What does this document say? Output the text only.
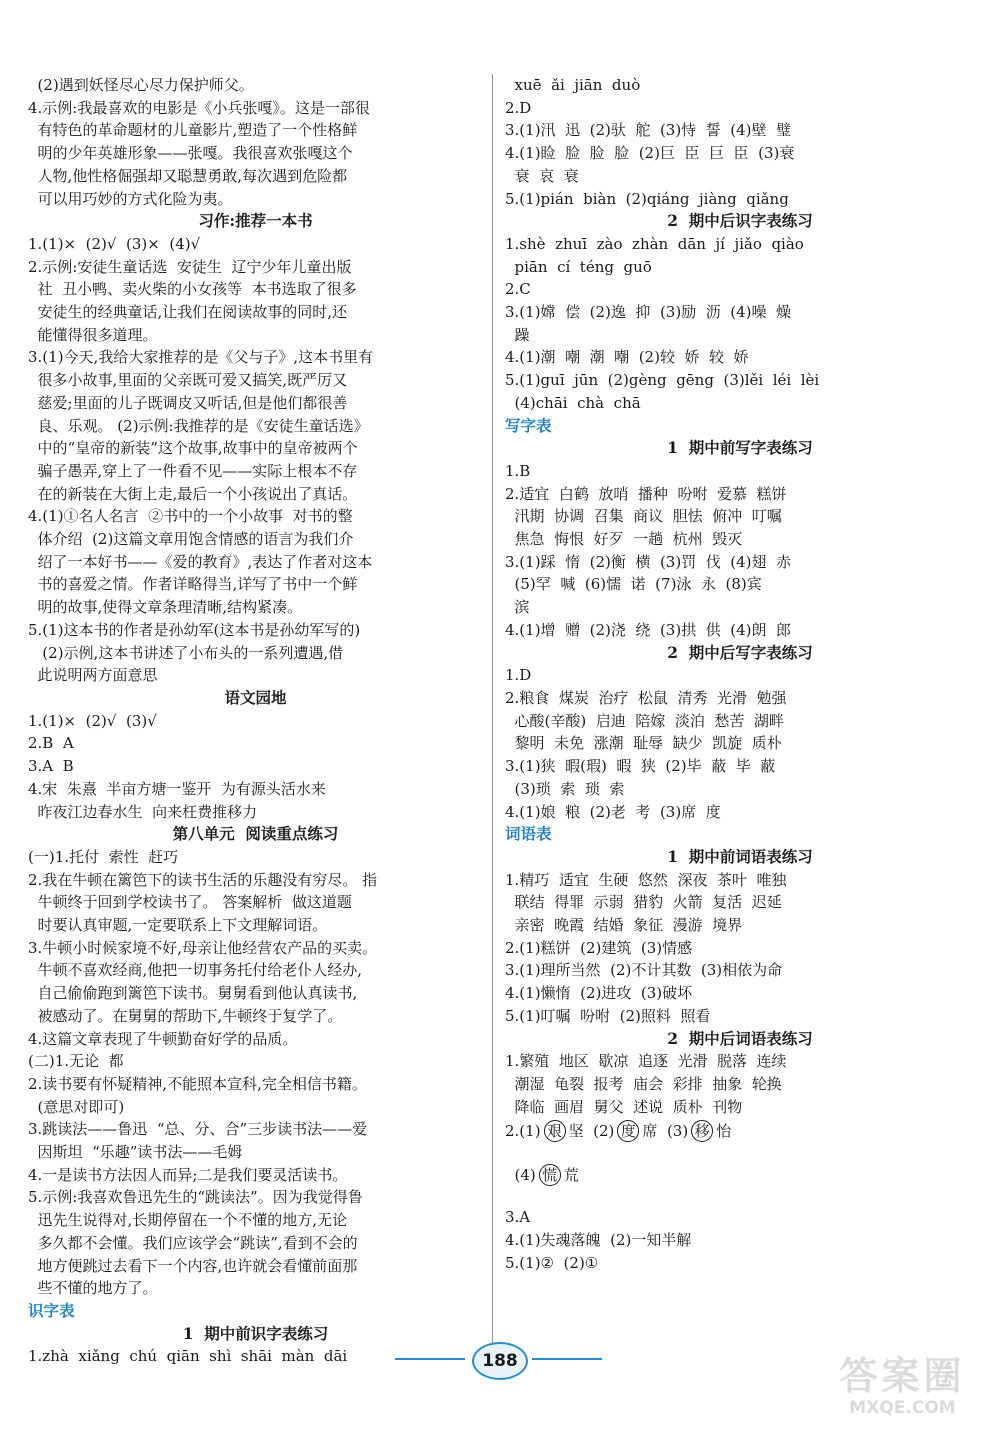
(2)遇到妖怪尽心尽力保护师父。
4.示例:我最喜欢的电影是《小兵张嘎》。这是一部很
有特色的革命题材的儿童影片,塑造了一个性格鲜
明的少年英雄形象——张嘎。我很喜欢张嘎这个
人物,他性格倔强却又聪慧勇敢,每次遇到危险都
可以用巧妙的方式化险为夷。
习作:推荐一本书
1.(1)×  (2)√  (3)×  (4)√
2.示例:安徒生童话选  安徒生  辽宁少年儿童出版
社  丑小鸭、卖火柴的小女孩等  本书选取了很多
安徒生的经典童话,让我们在阅读故事的同时,还
能懂得很多道理。
3.(1)今天,我给大家推荐的是《父与子》,这本书里有
很多小故事,里面的父亲既可爱又搞笑,既严厉又
慈爱;里面的儿子既调皮又听话,但是他们都很善
良、乐观。 (2)示例:我推荐的是《安徒生童话选》
中的“皇帝的新装”这个故事,故事中的皇帝被两个
骗子愚弄,穿上了一件看不见——实际上根本不存
在的新装在大街上走,最后一个小孩说出了真话。
4.(1)①名人名言  ②书中的一个小故事  对书的整
体介绍  (2)这篇文章用饱含情感的语言为我们介
绍了一本好书——《爱的教育》,表达了作者对这本
书的喜爱之情。作者详略得当,详写了书中一个鲜
明的故事,使得文章条理清晰,结构紧凑。
5.(1)这本书的作者是孙幼军(这本书是孙幼军写的)
(2)示例,这本书讲述了小布头的一系列遭遇,借
此说明两方面意思
语文园地
1.(1)×  (2)√  (3)√
2.B  A
3.A  B
4.宋  朱熹  半亩方塘一鉴开  为有源头活水来
昨夜江边春水生  向来枉费推移力
第八单元  阅读重点练习
(一)1.托付  索性  赶巧
2.我在牛顿在篱笆下的读书生活的乐趣没有穷尽。 指
牛顿终于回到学校读书了。 答案解析  做这道题
时要认真审题,一定要联系上下文理解词语。
3.牛顿小时候家境不好,母亲让他经营农产品的买卖。
牛顿不喜欢经商,他把一切事务托付给老仆人经办,
自己偷偷跑到篱笆下读书。舅舅看到他认真读书,
被感动了。在舅舅的帮助下,牛顿终于复学了。
4.这篇文章表现了牛顿勤奋好学的品质。
(二)1.无论  都
2.读书要有怀疑精神,不能照本宣科,完全相信书籍。
(意思对即可)
3.跳读法——鲁迅  “总、分、合”三步读书法——爱
因斯坦  “乐趣”读书法——毛姆
4.一是读书方法因人而异;二是我们要灵活读书。
5.示例:我喜欢鲁迅先生的“跳读法”。因为我觉得鲁
迅先生说得对,长期停留在一个不懂的地方,无论
多久都不会懂。我们应该学会“跳读”,看到不会的
地方便跳过去看下一个内容,也许就会看懂前面那
些不懂的地方了。
识字表
1  期中前识字表练习
1.zhà  xiǎng  chú  qiān  shì  shāi  màn  dāi
xuē  ǎi  jiān  duò
2.D
3.(1)汛  迅  (2)驮  舵  (3)恃  誓  (4)壁  璧
4.(1)睑  脸  脸  脸  (2)巨  臣  巨  臣  (3)衰
衰  哀  衰
5.(1)pián  biàn  (2)qiáng  jiàng  qiǎng
2  期中后识字表练习
1.shè  zhuī  zào  zhàn  dān  jí  jiǎo  qiào
piān  cí  téng  guō
2.C
3.(1)嫦  偿  (2)逸  抑  (3)励  沥  (4)噪  燥
躁
4.(1)潮  嘲  潮  嘲  (2)较  娇  较  娇
5.(1)guī  jūn  (2)gèng  gēng  (3)lěi  léi  lèi
(4)chāi  chà  chā
写字表
1  期中前写字表练习
1.B
2.适宜  白鹤  放哨  播种  吩咐  爱慕  糕饼
汛期  协调  召集  商议  胆怯  俯冲  叮嘱
焦急  悔恨  好歹  一趟  杭州  毁灭
3.(1)踩  惰  (2)衡  横  (3)罚  伐  (4)翅  赤
(5)罕  喊  (6)懦  诺  (7)泳  永  (8)宾
滨
4.(1)增  赠  (2)浇  绕  (3)拱  供  (4)朗  郎
2  期中后写字表练习
1.D
2.粮食  煤炭  治疗  松鼠  清秀  光滑  勉强
心酸(辛酸)  启迪  陪嫁  淡泊  愁苦  湖畔
黎明  未免  涨潮  耻辱  缺少  凯旋  质朴
3.(1)狭  暇(瑕)  暇  狭  (2)毕  蔽  毕  蔽
(3)琐  索  琐  索
4.(1)娘  粮  (2)老  考  (3)席  度
词语表
1  期中前词语表练习
1.精巧  适宜  生硬  悠然  深夜  茶叶  唯独
联结  得罪  示弱  猎豹  火箭  复活  迟延
亲密  晚霞  结婚  象征  漫游  境界
2.(1)糕饼  (2)建筑  (3)情感
3.(1)理所当然  (2)不计其数  (3)相依为命
4.(1)懒惰  (2)进攻  (3)破坏
5.(1)叮嘱  吩咐  (2)照料  照看
2  期中后词语表练习
1.繁殖  地区  歇凉  追逐  光滑  脱落  连续
潮湿  龟裂  报考  庙会  彩排  抽象  轮换
降临  画眉  舅父  述说  质朴  刊物
2.(1) 艰 坚 (2) 度 席 (3) 移 怡
(4) 慌 荒
3.A
4.(1)失魂落魄  (2)一知半解
5.(1)②  (2)①
188	答案圈
MXQE.COM
